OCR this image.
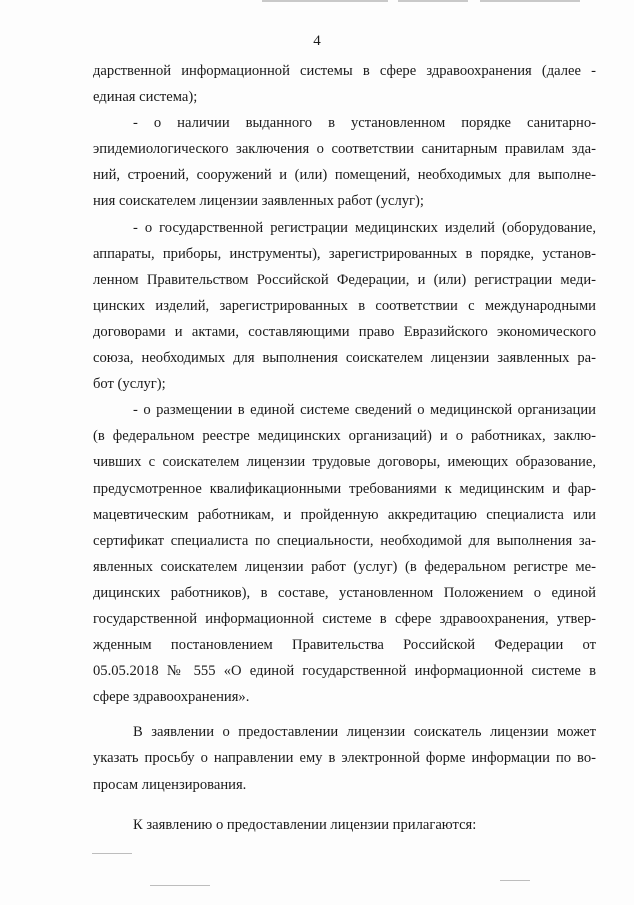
4
дарственной информационной системы в сфере здравоохранения (далее -
единая система);
- о наличии выданного в установленном порядке санитарно-
эпидемиологического заключения о соответствии санитарным правилам зда-
ний, строений, сооружений и (или) помещений, необходимых для выполне-
ния соискателем лицензии заявленных работ (услуг);
- о государственной регистрации медицинских изделий (оборудование,
аппараты, приборы, инструменты), зарегистрированных в порядке, установ-
ленном Правительством Российской Федерации, и (или) регистрации меди-
цинских изделий, зарегистрированных в соответствии с международными
договорами и актами, составляющими право Евразийского экономического
союза, необходимых для выполнения соискателем лицензии заявленных ра-
бот (услуг);
- о размещении в единой системе сведений о медицинской организации
(в федеральном реестре медицинских организаций) и о работниках, заклю-
чивших с соискателем лицензии трудовые договоры, имеющих образование,
предусмотренное квалификационными требованиями к медицинским и фар-
мацевтическим работникам, и пройденную аккредитацию специалиста или
сертификат специалиста по специальности, необходимой для выполнения за-
явленных соискателем лицензии работ (услуг) (в федеральном регистре ме-
дицинских работников), в составе, установленном Положением о единой
государственной информационной системе в сфере здравоохранения, утвер-
жденным постановлением Правительства Российской Федерации от
05.05.2018 № 555 «О единой государственной информационной системе в
сфере здравоохранения».
В заявлении о предоставлении лицензии соискатель лицензии может
указать просьбу о направлении ему в электронной форме информации по во-
просам лицензирования.
К заявлению о предоставлении лицензии прилагаются:
